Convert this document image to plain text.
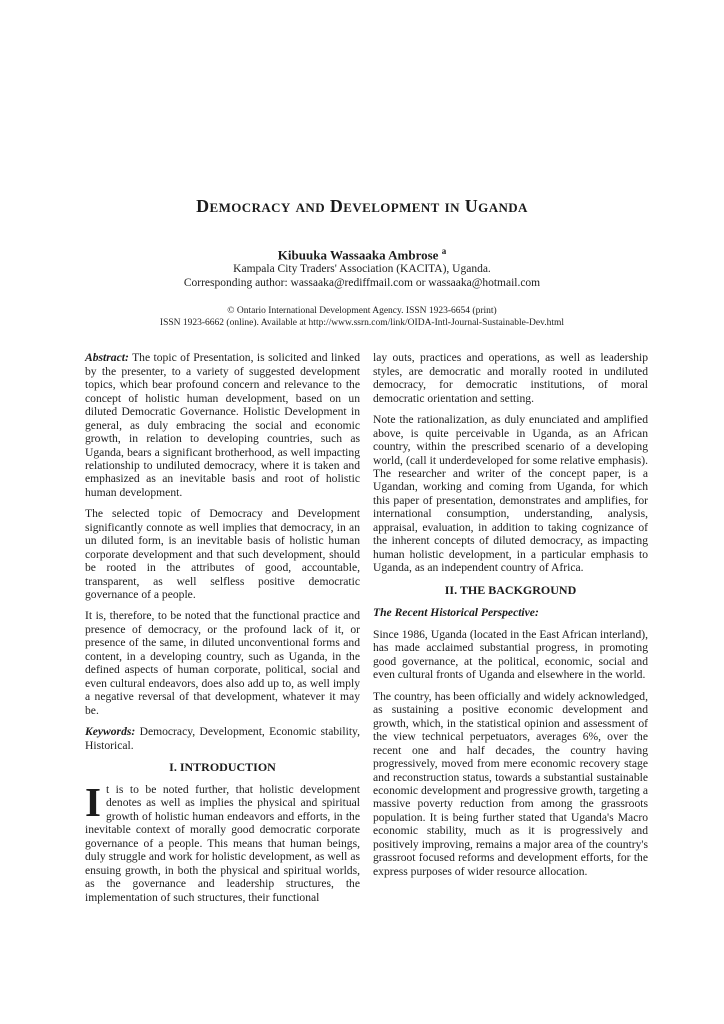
Democracy and Development in Uganda
Kibuuka Wassaaka Ambrose $^a$
Kampala City Traders' Association (KACITA), Uganda.
Corresponding author: wassaaka@rediffmail.com or wassaaka@hotmail.com
© Ontario International Development Agency. ISSN 1923-6654 (print)
ISSN 1923-6662 (online). Available at http://www.ssrn.com/link/OIDA-Intl-Journal-Sustainable-Dev.html

Abstract: The topic of Presentation, is solicited and linked by the presenter, to a variety of suggested development topics, which bear profound concern and relevance to the concept of holistic human development, based on un diluted Democratic Governance. Holistic Development in general, as duly embracing the social and economic growth, in relation to developing countries, such as Uganda, bears a significant brotherhood, as well impacting relationship to undiluted democracy, where it is taken and emphasized as an inevitable basis and root of holistic human development.

The selected topic of Democracy and Development significantly connote as well implies that democracy, in an un diluted form, is an inevitable basis of holistic human corporate development and that such development, should be rooted in the attributes of good, accountable, transparent, as well selfless positive democratic governance of a people.

It is, therefore, to be noted that the functional practice and presence of democracy, or the profound lack of it, or presence of the same, in diluted unconventional forms and content, in a developing country, such as Uganda, in the defined aspects of human corporate, political, social and even cultural endeavors, does also add up to, as well imply a negative reversal of that development, whatever it may be.

Keywords: Democracy, Development, Economic stability, Historical.

I. INTRODUCTION

It is to be noted further, that holistic development denotes as well as implies the physical and spiritual growth of holistic human endeavors and efforts, in the inevitable context of morally good democratic corporate governance of a people. This means that human beings, duly struggle and work for holistic development, as well as ensuing growth, in both the physical and spiritual worlds, as the governance and leadership structures, the implementation of such structures, their functional

lay outs, practices and operations, as well as leadership styles, are democratic and morally rooted in undiluted democracy, for democratic institutions, of moral democratic orientation and setting.

Note the rationalization, as duly enunciated and amplified above, is quite perceivable in Uganda, as an African country, within the prescribed scenario of a developing world, (call it underdeveloped for some relative emphasis). The researcher and writer of the concept paper, is a Ugandan, working and coming from Uganda, for which this paper of presentation, demonstrates and amplifies, for international consumption, understanding, analysis, appraisal, evaluation, in addition to taking cognizance of the inherent concepts of diluted democracy, as impacting human holistic development, in a particular emphasis to Uganda, as an independent country of Africa.

II. THE BACKGROUND

The Recent Historical Perspective:

Since 1986, Uganda (located in the East African interland), has made acclaimed substantial progress, in promoting good governance, at the political, economic, social and even cultural fronts of Uganda and elsewhere in the world.

The country, has been officially and widely acknowledged, as sustaining a positive economic development and growth, which, in the statistical opinion and assessment of the view technical perpetuators, averages 6%, over the recent one and half decades, the country having progressively, moved from mere economic recovery stage and reconstruction status, towards a substantial sustainable economic development and progressive growth, targeting a massive poverty reduction from among the grassroots population. It is being further stated that Uganda's Macro economic stability, much as it is progressively and positively improving, remains a major area of the country's grassroot focused reforms and development efforts, for the express purposes of wider resource allocation.
